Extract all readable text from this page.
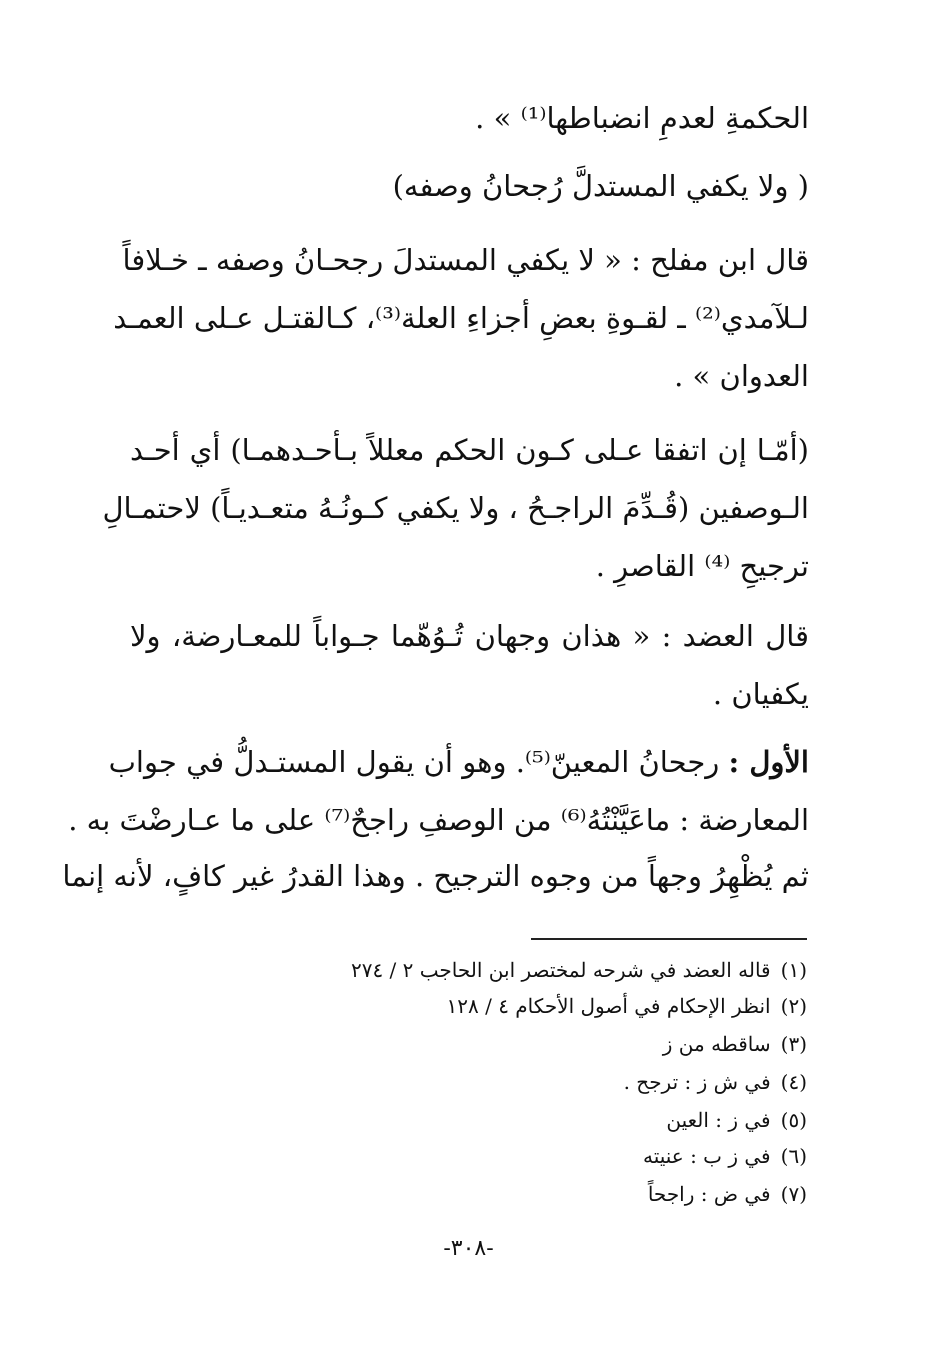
الحكمةِ لعدمِ انضباطها⁽¹⁾ » .
( ولا يكفي المستدلَّ رُجحانُ وصفه)
قال ابن مفلح : « لا يكفي المستدلَ رجحـانُ وصفه ـ خـلافاً
لـلآمدي⁽²⁾ ـ لقـوةِ بعضِ أجزاءِ العلة⁽³⁾، كـالقتـل عـلى العمـد
العدوان » .
(أمّـا إن اتفقا عـلى كـون الحكم معللاً بـأحـدهمـا) أي أحـد
الـوصفين (قُـدِّمَ الراجـحُ ، ولا يكفي كـونُـهُ متعـديـاً) لاحتمـالِ
ترجيحِ ⁽⁴⁾ القاصرِ .
قال العضد : « هذان وجهان تُـوُهّما جـواباً للمعـارضة، ولا
يكفيان .
الأول : رجحانُ المعينّ⁽⁵⁾. وهو أن يقول المستـدلُّ في جواب
المعارضة : ماعَيَّنْتُهُ⁽⁶⁾ من الوصفِ راجحٌ⁽⁷⁾ على ما عـارضْتَ به .
ثم يُظْهِرُ وجهاً من وجوه الترجيح . وهذا القدرُ غير كافٍ، لأنه إنما
(١)قاله العضد في شرحه لمختصر ابن الحاجب ٢ / ٢٧٤
(٢)انظر الإحكام في أصول الأحكام ٤ / ١٢٨
(٣)ساقطه من ز
(٤)في ش ز : ترجح .
(٥)في ز : العين
(٦)في ز ب : عنيته
(٧)في ض : راجحاً
-٣٠٨-
